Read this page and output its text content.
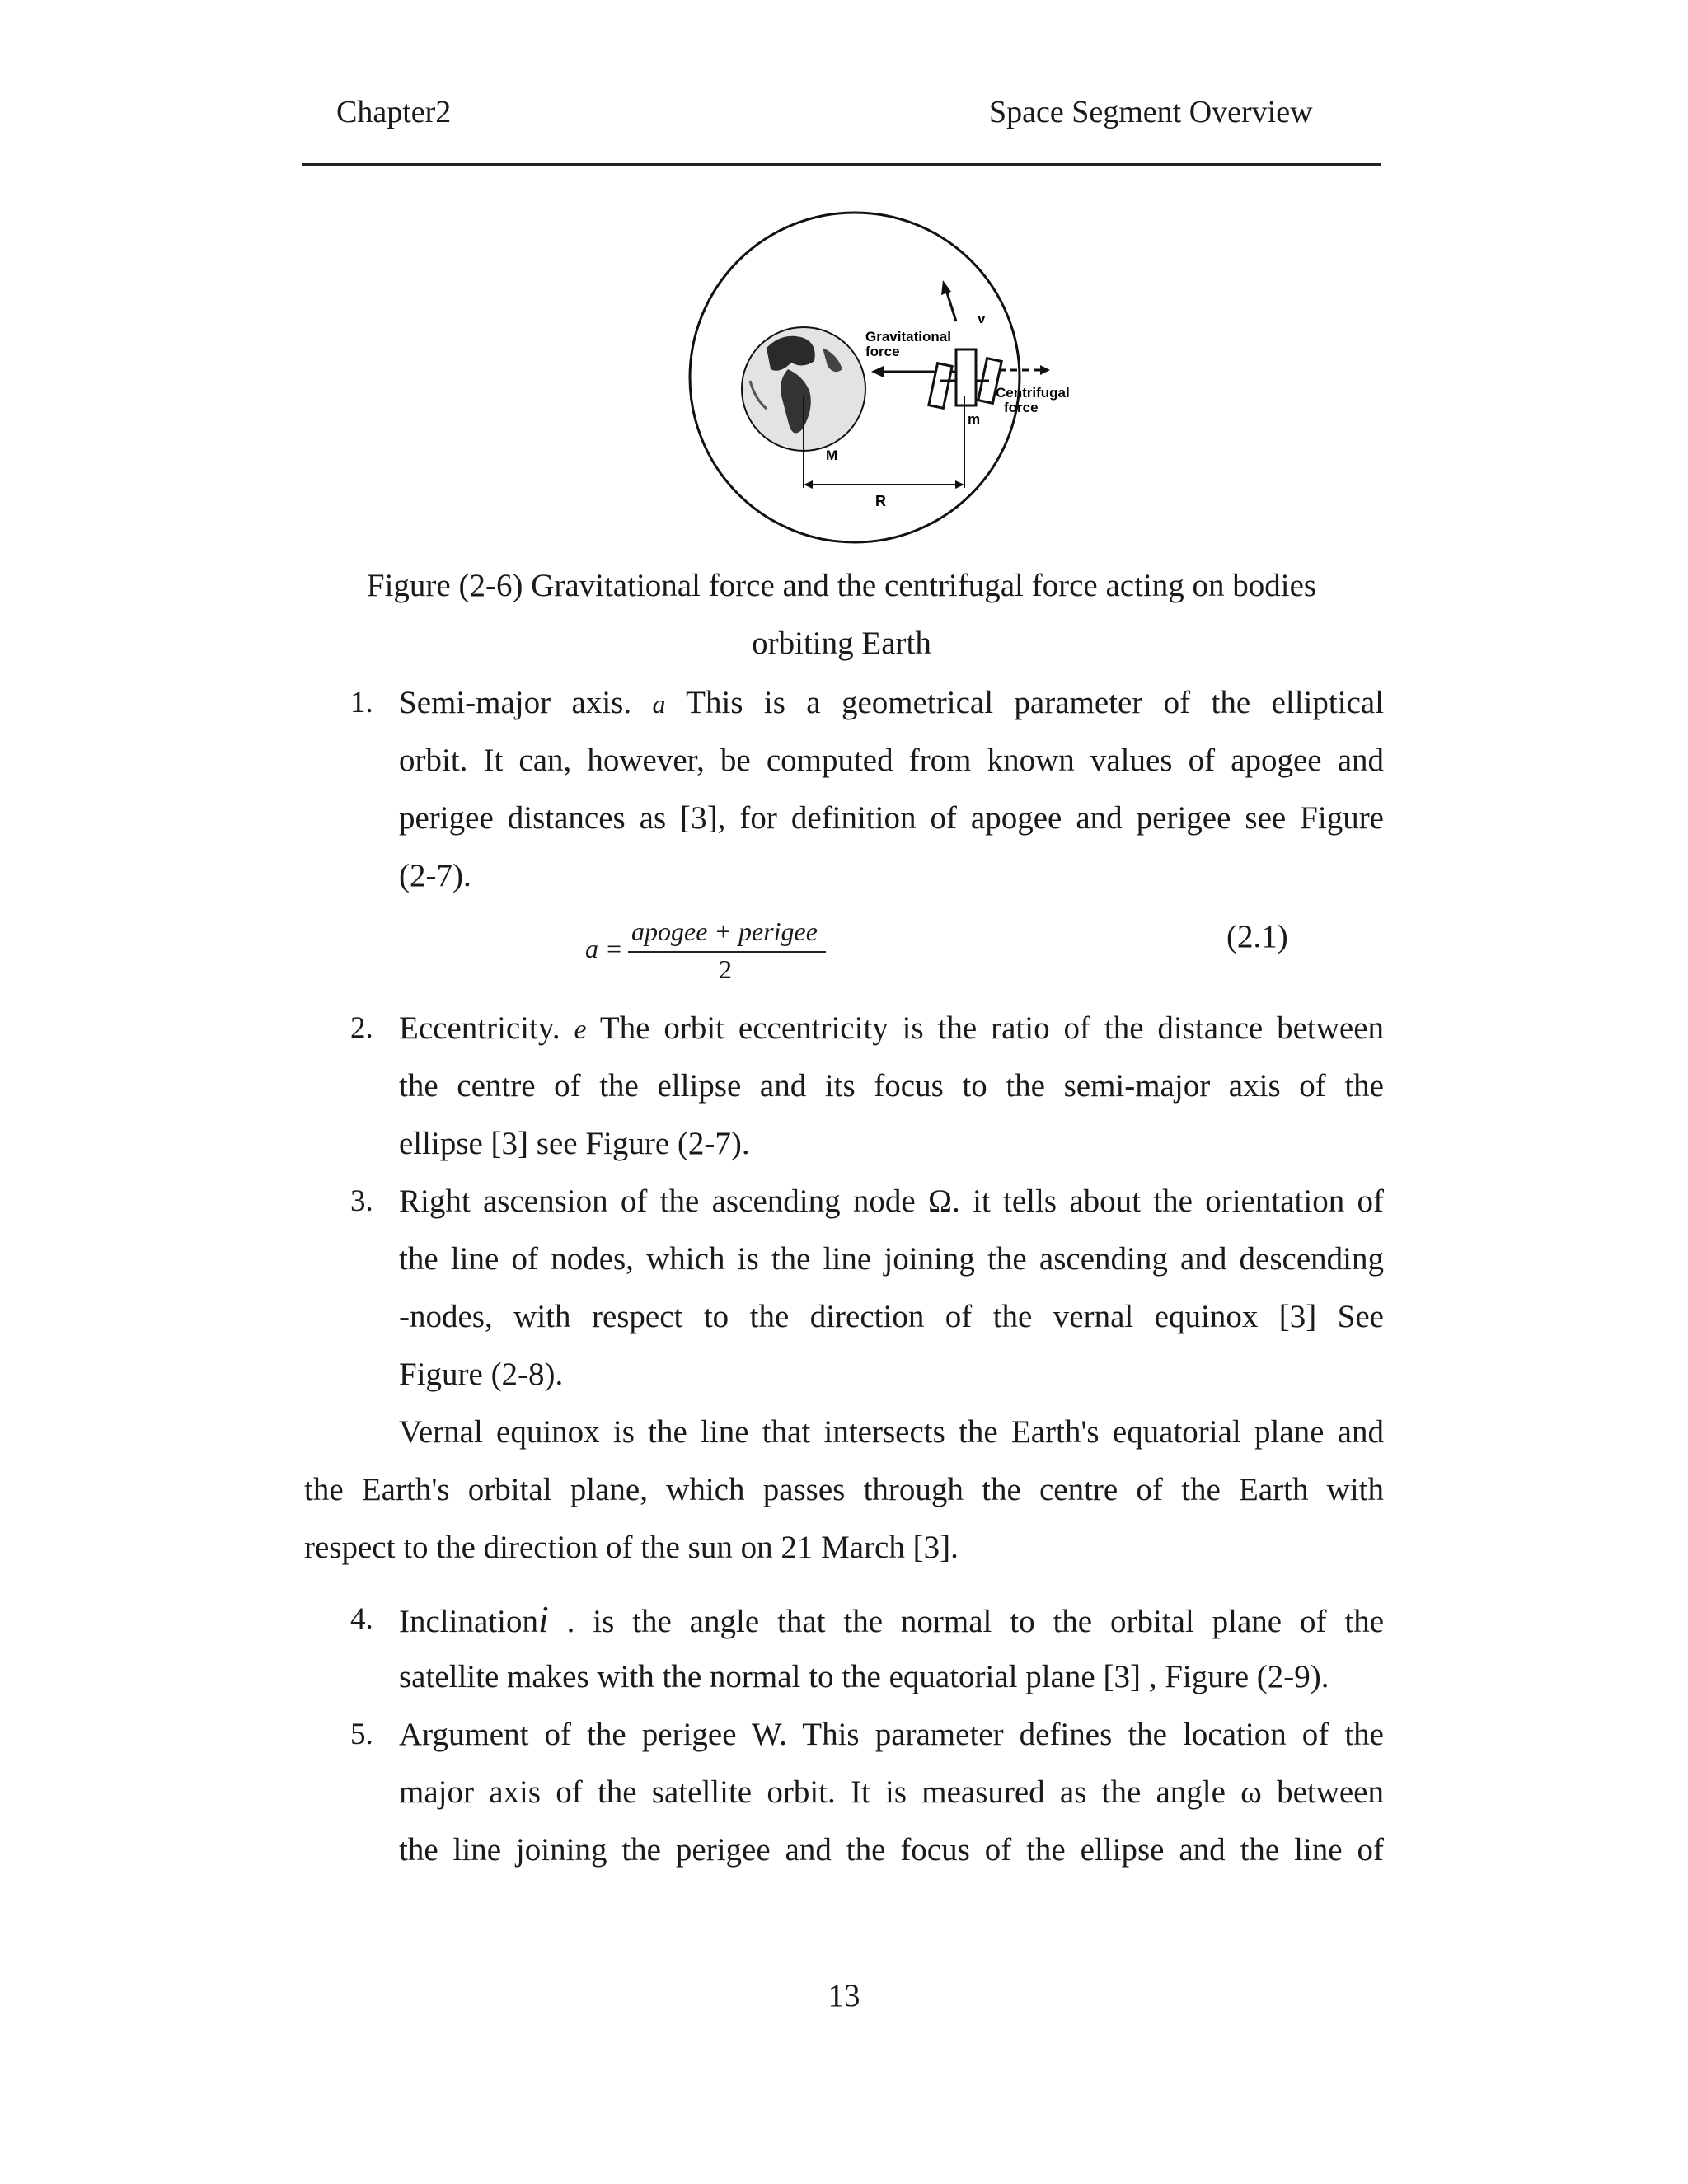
Chapter2	Space Segment Overview
Gravitational
force
Centrifugal
force
v
m
M
R
Figure (2-6) Gravitational force and the centrifugal force acting on bodies
orbiting Earth
1. Semi-major axis. a This is a geometrical parameter of the elliptical
orbit. It can, however, be computed from known values of apogee and
perigee distances as [3], for definition of apogee and perigee see Figure
(2-7).
a =
apogee + perigee
2
(2.1)
2. Eccentricity. e The orbit eccentricity is the ratio of the distance between
the centre of the ellipse and its focus to the semi-major axis of the
ellipse [3] see Figure (2-7).
3. Right ascension of the ascending node Ω. it tells about the orientation of
the line of nodes, which is the line joining the ascending and descending
-nodes, with respect to the direction of the vernal equinox [3] See
Figure (2-8).
Vernal equinox is the line that intersects the Earth's equatorial plane and
the Earth's orbital plane, which passes through the centre of the Earth with
respect to the direction of the sun on 21 March [3].
4. Inclinationi . is the angle that the normal to the orbital plane of the
satellite makes with the normal to the equatorial plane [3] , Figure (2-9).
5. Argument of the perigee W. This parameter defines the location of the
major axis of the satellite orbit. It is measured as the angle ω between
the line joining the perigee and the focus of the ellipse and the line of
13
